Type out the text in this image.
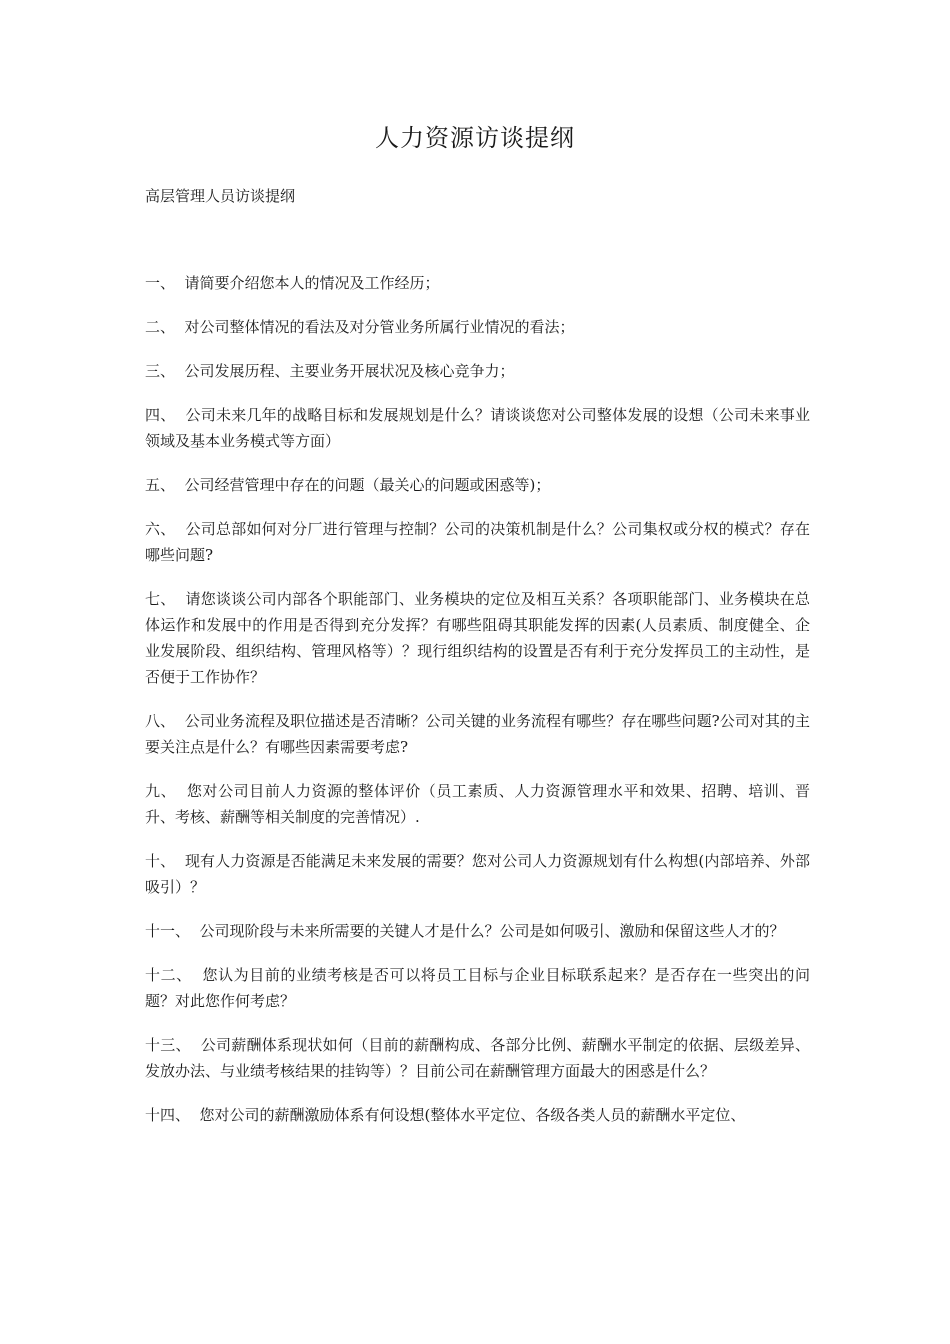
人力资源访谈提纲

高层管理人员访谈提纲

一、  请简要介绍您本人的情况及工作经历；
二、  对公司整体情况的看法及对分管业务所属行业情况的看法；
三、  公司发展历程、主要业务开展状况及核心竞争力；
四、  公司未来几年的战略目标和发展规划是什么？请谈谈您对公司整体发展的设想（公司未来事业领域及基本业务模式等方面）
五、  公司经营管理中存在的问题（最关心的问题或困惑等)；
六、  公司总部如何对分厂进行管理与控制？公司的决策机制是什么？公司集权或分权的模式？存在哪些问题?
七、  请您谈谈公司内部各个职能部门、业务模块的定位及相互关系？各项职能部门、业务模块在总体运作和发展中的作用是否得到充分发挥？有哪些阻碍其职能发挥的因素(人员素质、制度健全、企业发展阶段、组织结构、管理风格等）？现行组织结构的设置是否有利于充分发挥员工的主动性，是否便于工作协作？
八、  公司业务流程及职位描述是否清晰？公司关键的业务流程有哪些？存在哪些问题?公司对其的主要关注点是什么？有哪些因素需要考虑?
九、  您对公司目前人力资源的整体评价（员工素质、人力资源管理水平和效果、招聘、培训、晋升、考核、薪酬等相关制度的完善情况）.
十、  现有人力资源是否能满足未来发展的需要？您对公司人力资源规划有什么构想(内部培养、外部吸引）？
十一、  公司现阶段与未来所需要的关键人才是什么？公司是如何吸引、激励和保留这些人才的？
十二、  您认为目前的业绩考核是否可以将员工目标与企业目标联系起来？是否存在一些突出的问题？对此您作何考虑？
十三、  公司薪酬体系现状如何（目前的薪酬构成、各部分比例、薪酬水平制定的依据、层级差异、发放办法、与业绩考核结果的挂钩等）？目前公司在薪酬管理方面最大的困惑是什么？
十四、  您对公司的薪酬激励体系有何设想(整体水平定位、各级各类人员的薪酬水平定位、
